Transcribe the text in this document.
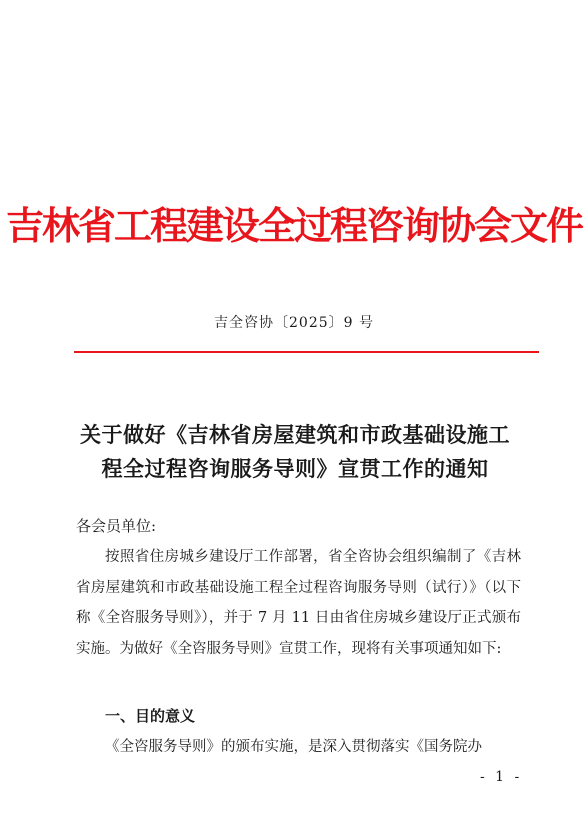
吉林省工程建设全过程咨询协会文件
吉全咨协〔2025〕9 号
关于做好《吉林省房屋建筑和市政基础设施工
程全过程咨询服务导则》宣贯工作的通知
各会员单位:
按照省住房城乡建设厅工作部署，省全咨协会组织编制了《吉林省房屋建筑和市政基础设施工程全过程咨询服务导则（试行）》（以下称《全咨服务导则》），并于 7 月 11 日由省住房城乡建设厅正式颁布实施。为做好《全咨服务导则》宣贯工作，现将有关事项通知如下:
一、目的意义
《全咨服务导则》的颁布实施，是深入贯彻落实《国务院办
- 1 -
